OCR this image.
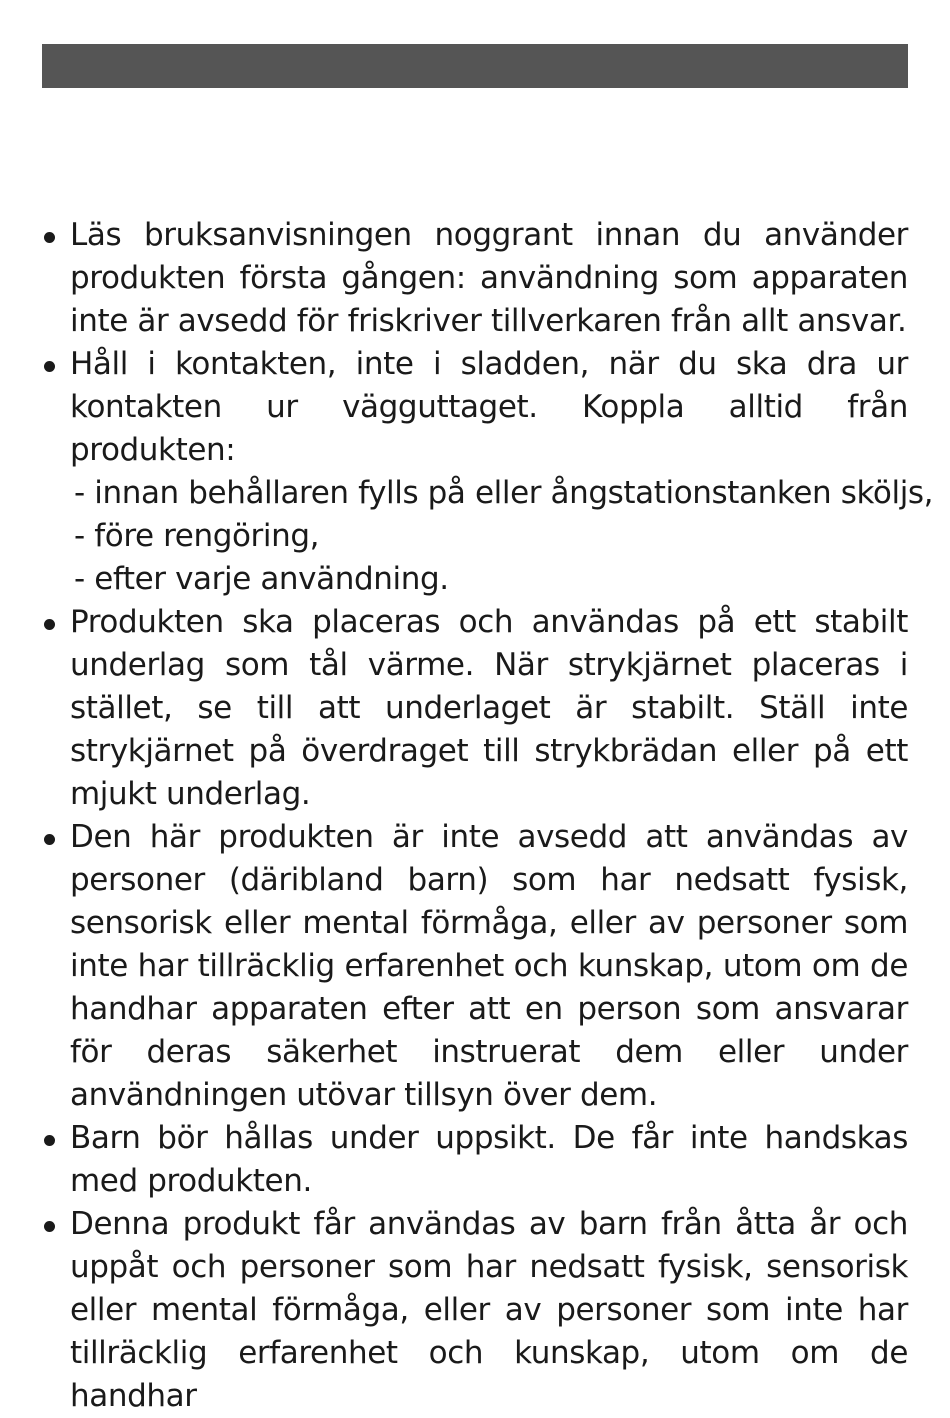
Läs bruksanvisningen noggrant innan du använder produkten första gången: användning som apparaten inte är avsedd för friskriver tillverkaren från allt ansvar.
Håll i kontakten, inte i sladden, när du ska dra ur kontakten ur vägguttaget. Koppla alltid från produkten:
- innan behållaren fylls på eller ångstationstanken sköljs,
- före rengöring,
- efter varje användning.
Produkten ska placeras och användas på ett stabilt underlag som tål värme. När strykjärnet placeras i stället, se till att underlaget är stabilt. Ställ inte strykjärnet på överdraget till strykbrädan eller på ett mjukt underlag.
Den här produkten är inte avsedd att användas av personer (däribland barn) som har nedsatt fysisk, sensorisk eller mental förmåga, eller av personer som inte har tillräcklig erfarenhet och kunskap, utom om de handhar apparaten efter att en person som ansvarar för deras säkerhet instruerat dem eller under användningen utövar tillsyn över dem.
Barn bör hållas under uppsikt. De får inte handskas med produkten.
Denna produkt får användas av barn från åtta år och uppåt och personer som har nedsatt fysisk, sensorisk eller mental förmåga, eller av personer som inte har tillräcklig erfarenhet och kunskap, utom om de handhar
